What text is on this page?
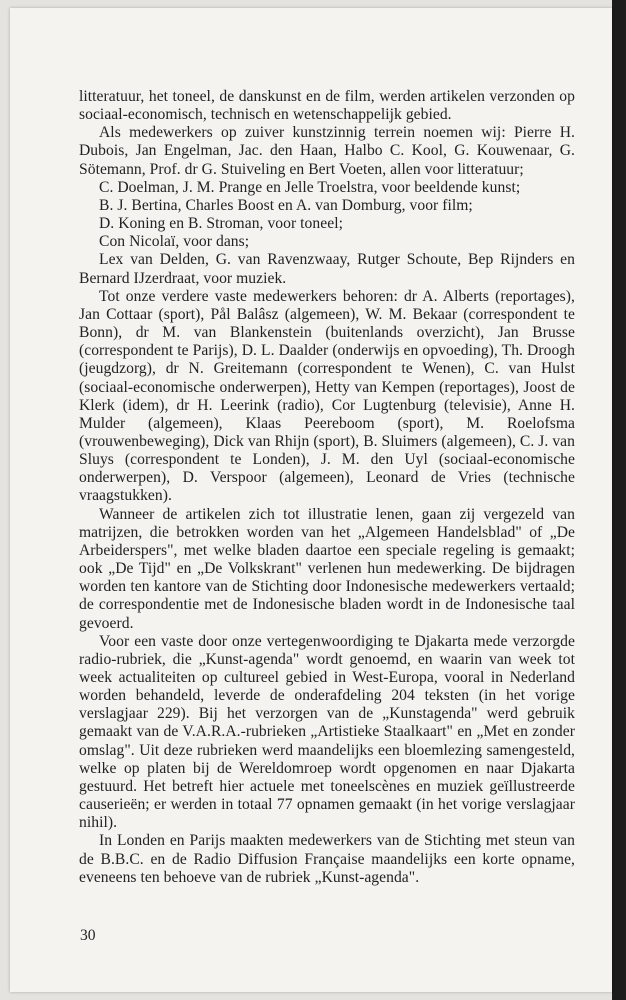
litteratuur, het toneel, de danskunst en de film, werden artikelen verzonden op sociaal-economisch, technisch en wetenschappelijk gebied.

Als medewerkers op zuiver kunstzinnig terrein noemen wij: Pierre H. Dubois, Jan Engelman, Jac. den Haan, Halbo C. Kool, G. Kouwenaar, G. Sötemann, Prof. dr G. Stuiveling en Bert Voeten, allen voor litteratuur;

C. Doelman, J. M. Prange en Jelle Troelstra, voor beeldende kunst;

B. J. Bertina, Charles Boost en A. van Domburg, voor film;

D. Koning en B. Stroman, voor toneel;

Con Nicolaï, voor dans;

Lex van Delden, G. van Ravenzwaay, Rutger Schoute, Bep Rijnders en Bernard IJzerdraat, voor muziek.

Tot onze verdere vaste medewerkers behoren: dr A. Alberts (reportages), Jan Cottaar (sport), Pål Balâsz (algemeen), W. M. Bekaar (correspondent te Bonn), dr M. van Blankenstein (buitenlands overzicht), Jan Brusse (correspondent te Parijs), D. L. Daalder (onderwijs en opvoeding), Th. Droogh (jeugdzorg), dr N. Greitemann (correspondent te Wenen), C. van Hulst (sociaal-economische onderwerpen), Hetty van Kempen (reportages), Joost de Klerk (idem), dr H. Leerink (radio), Cor Lugtenburg (televisie), Anne H. Mulder (algemeen), Klaas Peereboom (sport), M. Roelofsma (vrouwenbeweging), Dick van Rhijn (sport), B. Sluimers (algemeen), C. J. van Sluys (correspondent te Londen), J. M. den Uyl (sociaal-economische onderwerpen), D. Verspoor (algemeen), Leonard de Vries (technische vraagstukken).

Wanneer de artikelen zich tot illustratie lenen, gaan zij vergezeld van matrijzen, die betrokken worden van het „Algemeen Handelsblad" of „De Arbeiderspers", met welke bladen daartoe een speciale regeling is gemaakt; ook „De Tijd" en „De Volkskrant" verlenen hun medewerking. De bijdragen worden ten kantore van de Stichting door Indonesische medewerkers vertaald; de correspondentie met de Indonesische bladen wordt in de Indonesische taal gevoerd.

Voor een vaste door onze vertegenwoordiging te Djakarta mede verzorgde radio-rubriek, die „Kunst-agenda" wordt genoemd, en waarin van week tot week actualiteiten op cultureel gebied in West-Europa, vooral in Nederland worden behandeld, leverde de onderafdeling 204 teksten (in het vorige verslagjaar 229). Bij het verzorgen van de „Kunstagenda" werd gebruik gemaakt van de V.A.R.A.-rubrieken „Artistieke Staalkaart" en „Met en zonder omslag". Uit deze rubrieken werd maandelijks een bloemlezing samengesteld, welke op platen bij de Wereldomroep wordt opgenomen en naar Djakarta gestuurd. Het betreft hier actuele met toneelscènes en muziek geïllustreerde causerieën; er werden in totaal 77 opnamen gemaakt (in het vorige verslagjaar nihil).

In Londen en Parijs maakten medewerkers van de Stichting met steun van de B.B.C. en de Radio Diffusion Française maandelijks een korte opname, eveneens ten behoeve van de rubriek „Kunst-agenda".

30
